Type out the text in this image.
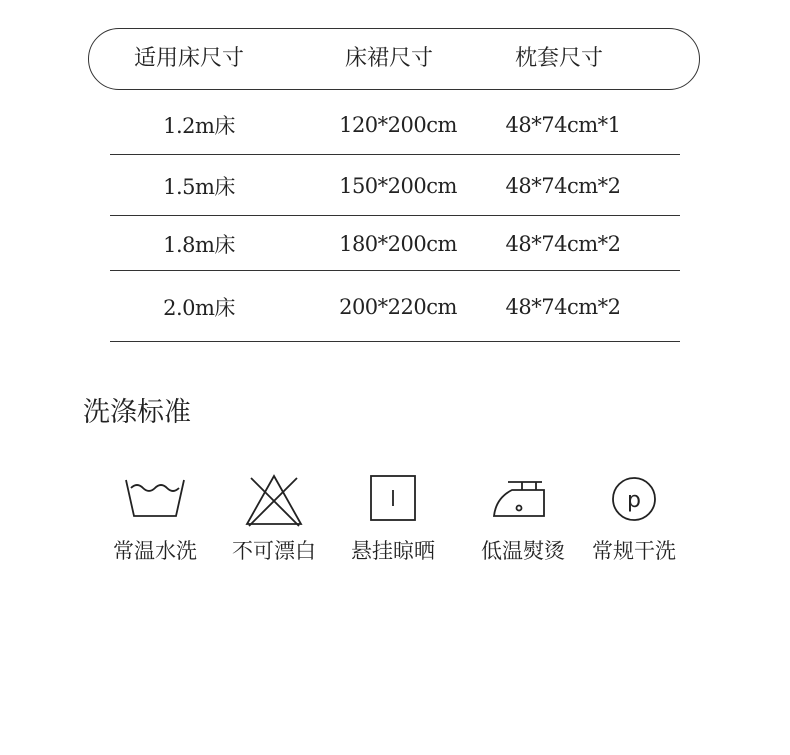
适用床尺寸	床裙尺寸	枕套尺寸
1.2m床	120*200cm	48*74cm*1
1.5m床	150*200cm	48*74cm*2
1.8m床	180*200cm	48*74cm*2
2.0m床	200*220cm	48*74cm*2
洗涤标准
常温水洗	不可漂白	悬挂晾晒	低温熨烫
p
常规干洗
